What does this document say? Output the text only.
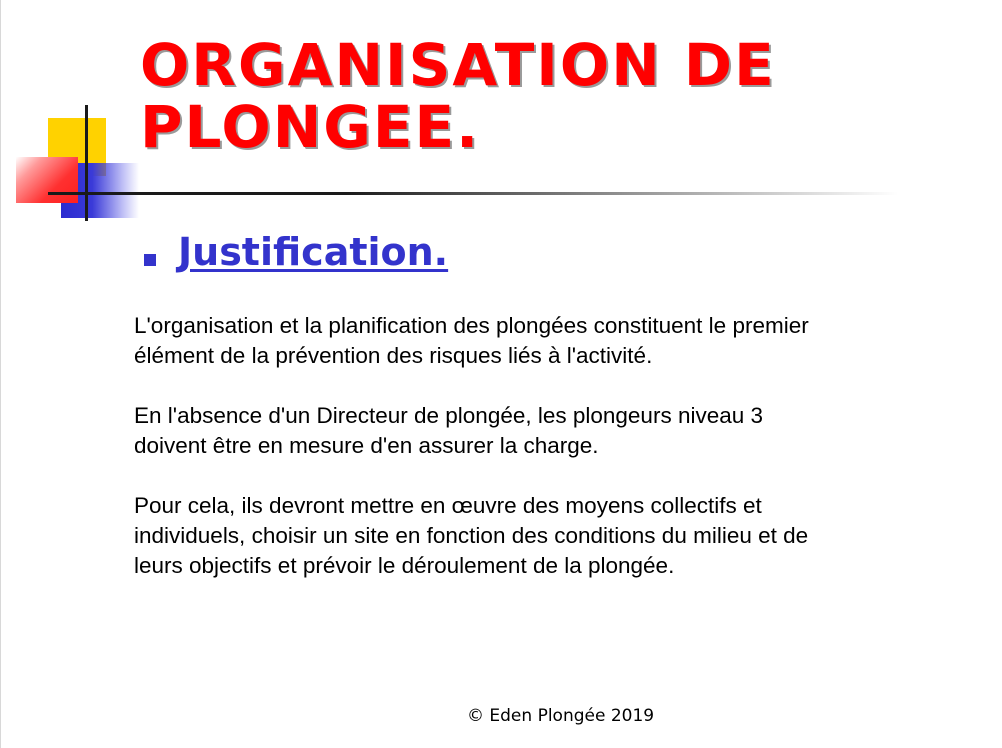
ORGANISATION DE
PLONGEE.
Justification.

L'organisation et la planification des plongées constituent le premier
élément de la prévention des risques liés à l'activité.

En l'absence d'un Directeur de plongée, les plongeurs niveau 3
doivent être en mesure d'en assurer la charge.

Pour cela, ils devront mettre en œuvre des moyens collectifs et
individuels, choisir un site en fonction des conditions du milieu et de
leurs objectifs et prévoir le déroulement de la plongée.

© Eden Plongée 2019
